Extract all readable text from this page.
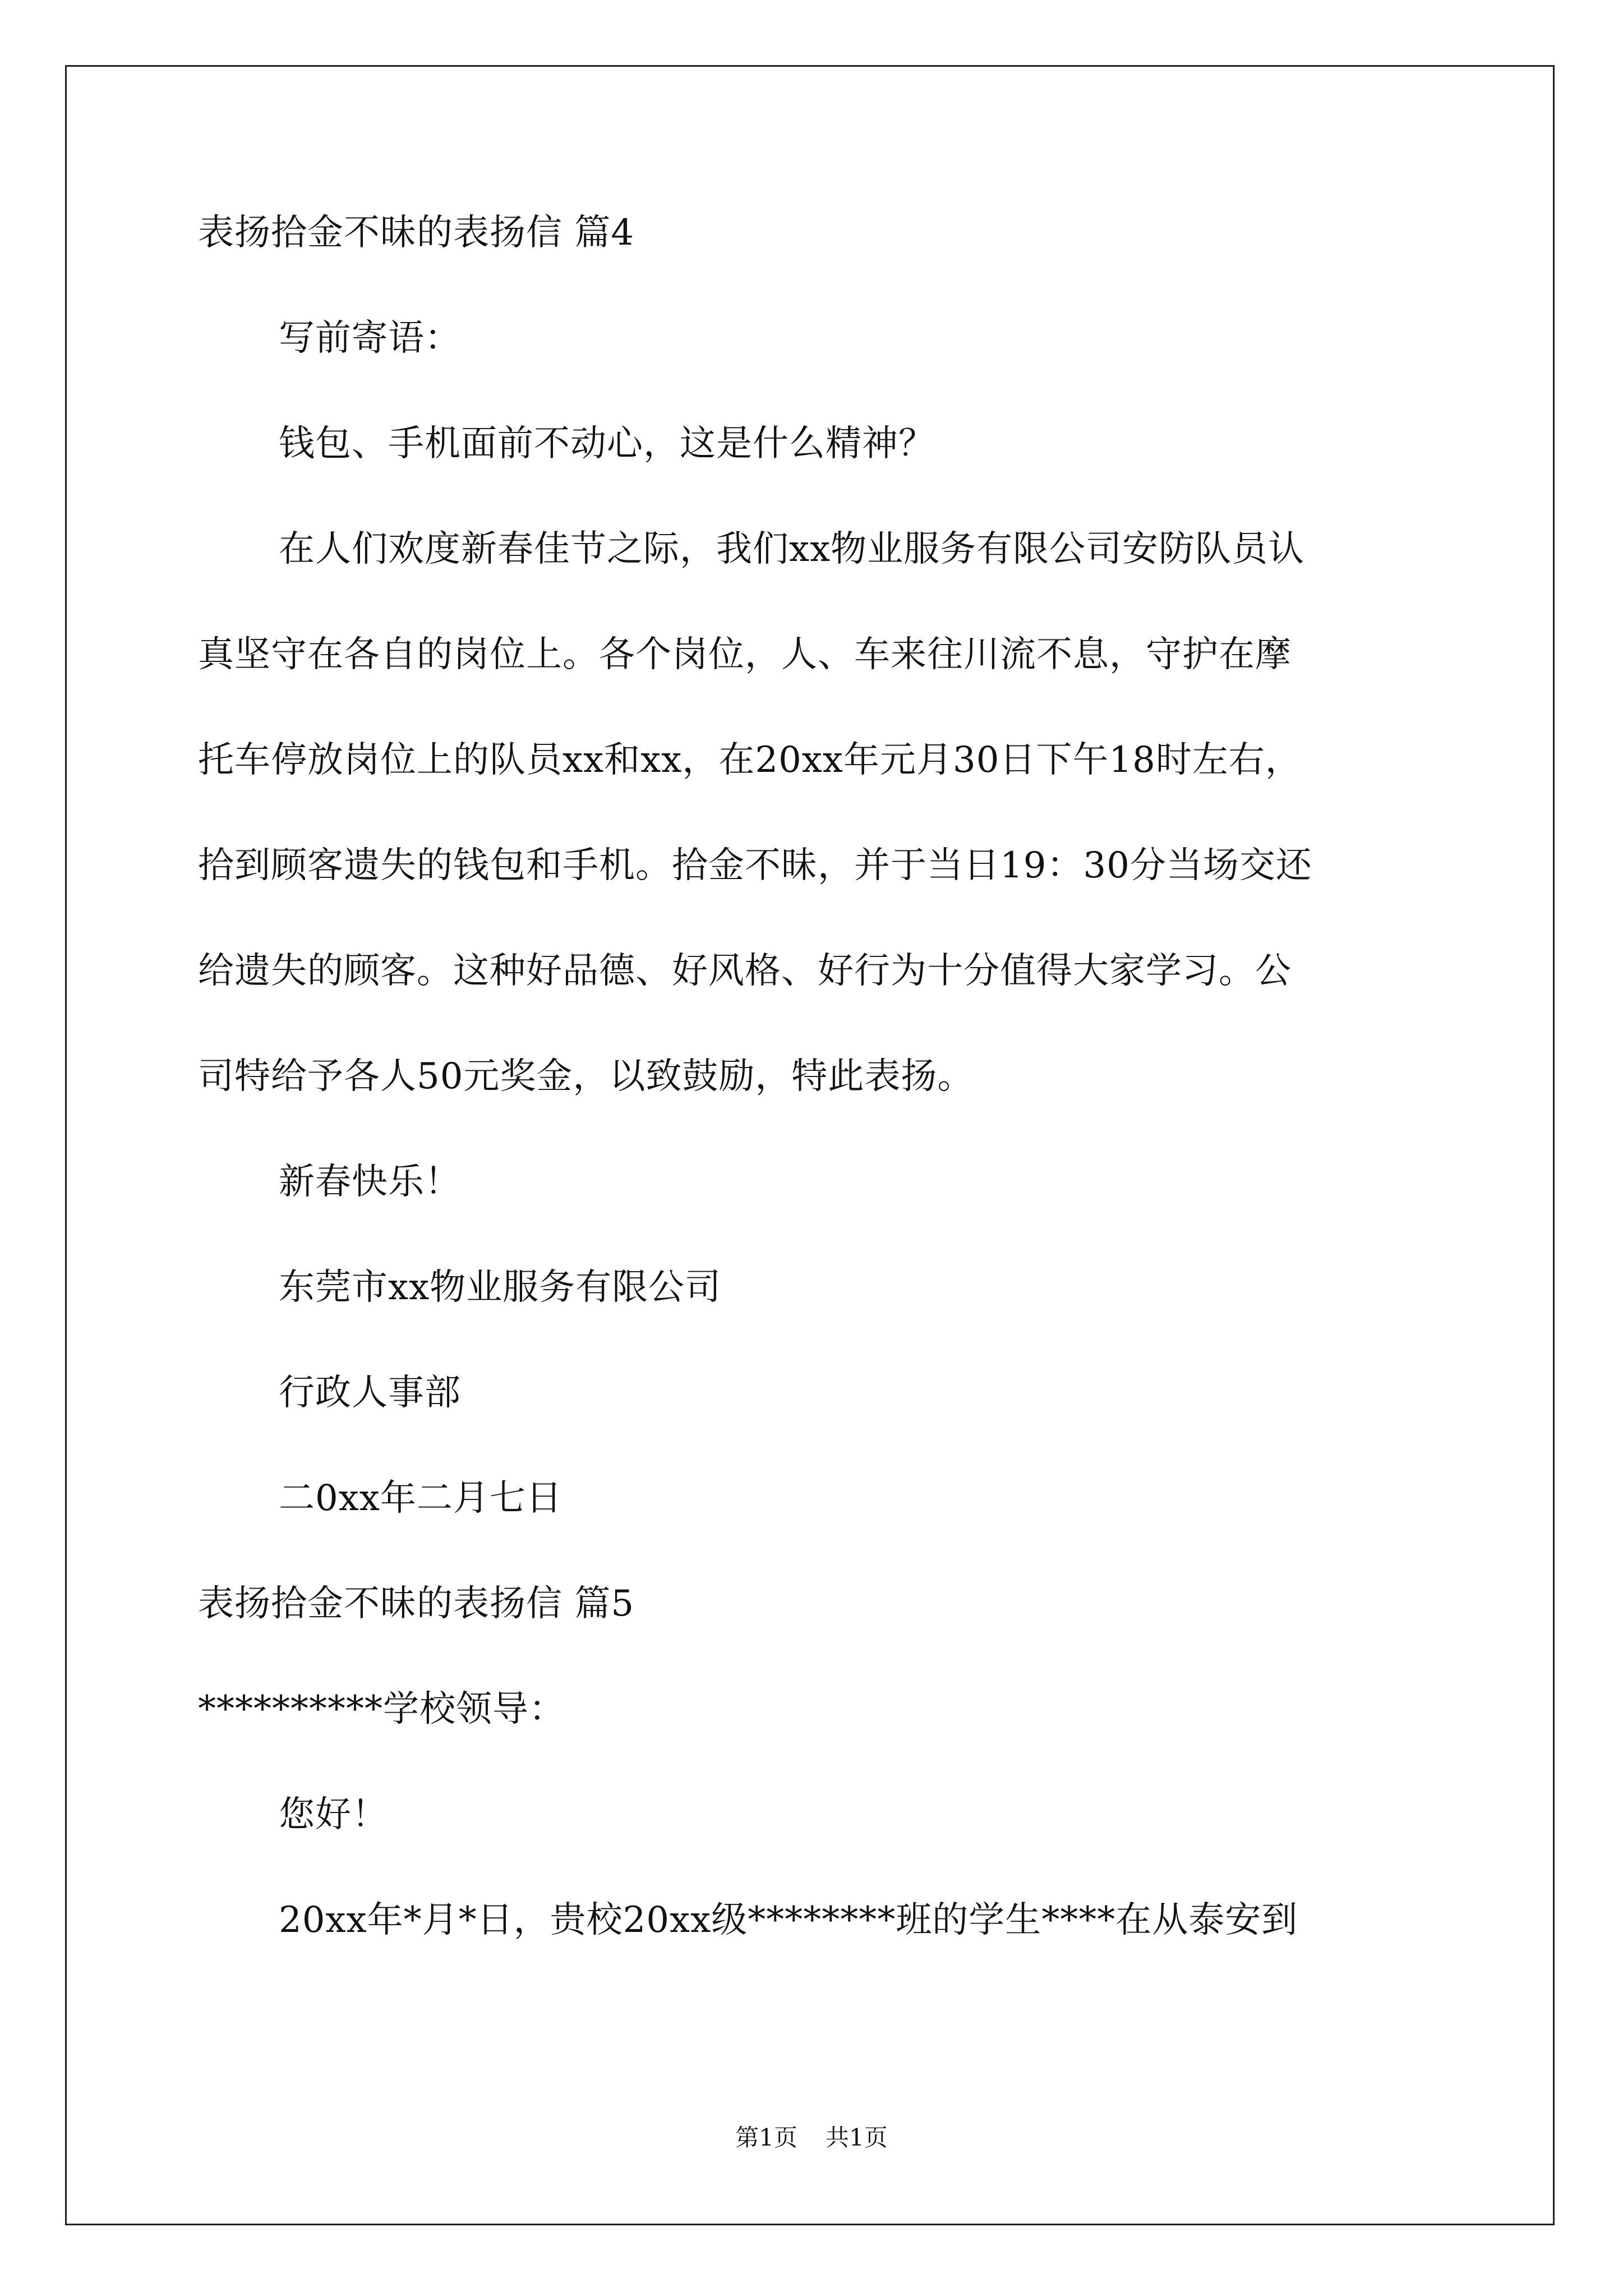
表扬拾金不昧的表扬信 篇4
写前寄语：
钱包、手机面前不动心，这是什么精神？
在人们欢度新春佳节之际，我们xx物业服务有限公司安防队员认
真坚守在各自的岗位上。各个岗位，人、车来往川流不息，守护在摩
托车停放岗位上的队员xx和xx，在20xx年元月30日下午18时左右，
拾到顾客遗失的钱包和手机。拾金不昧，并于当日19：30分当场交还
给遗失的顾客。这种好品德、好风格、好行为十分值得大家学习。公
司特给予各人50元奖金，以致鼓励，特此表扬。
新春快乐！
东莞市xx物业服务有限公司
行政人事部
二0xx年二月七日
表扬拾金不昧的表扬信 篇5
**********学校领导：
您好！
20xx年*月*日，贵校20xx级********班的学生****在从泰安到
第1页 共1页
